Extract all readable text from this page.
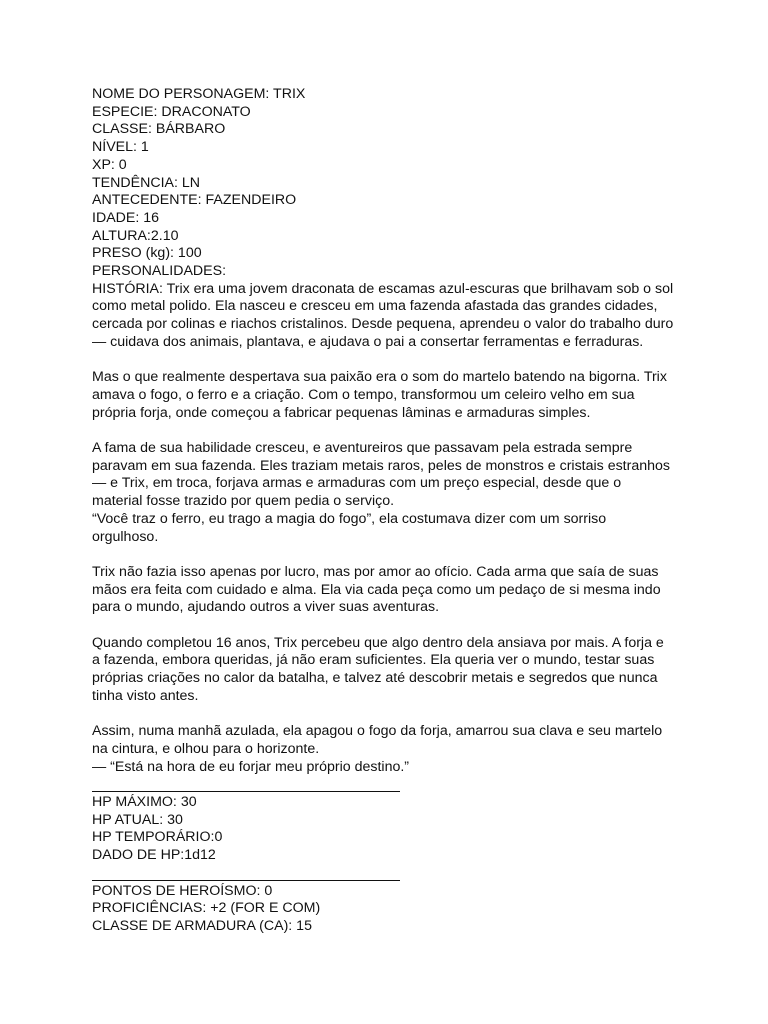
NOME DO PERSONAGEM: TRIX
ESPECIE: DRACONATO
CLASSE: BÁRBARO
NÍVEL: 1
XP: 0
TENDÊNCIA: LN
ANTECEDENTE: FAZENDEIRO
IDADE: 16
ALTURA:2.10
PRESO (kg): 100
PERSONALIDADES:
HISTÓRIA: Trix era uma jovem draconata de escamas azul-escuras que brilhavam sob o sol
como metal polido. Ela nasceu e cresceu em uma fazenda afastada das grandes cidades,
cercada por colinas e riachos cristalinos. Desde pequena, aprendeu o valor do trabalho duro
— cuidava dos animais, plantava, e ajudava o pai a consertar ferramentas e ferraduras.
Mas o que realmente despertava sua paixão era o som do martelo batendo na bigorna. Trix
amava o fogo, o ferro e a criação. Com o tempo, transformou um celeiro velho em sua
própria forja, onde começou a fabricar pequenas lâminas e armaduras simples.
A fama de sua habilidade cresceu, e aventureiros que passavam pela estrada sempre
paravam em sua fazenda. Eles traziam metais raros, peles de monstros e cristais estranhos
— e Trix, em troca, forjava armas e armaduras com um preço especial, desde que o
material fosse trazido por quem pedia o serviço.
“Você traz o ferro, eu trago a magia do fogo”, ela costumava dizer com um sorriso
orgulhoso.
Trix não fazia isso apenas por lucro, mas por amor ao ofício. Cada arma que saía de suas
mãos era feita com cuidado e alma. Ela via cada peça como um pedaço de si mesma indo
para o mundo, ajudando outros a viver suas aventuras.
Quando completou 16 anos, Trix percebeu que algo dentro dela ansiava por mais. A forja e
a fazenda, embora queridas, já não eram suficientes. Ela queria ver o mundo, testar suas
próprias criações no calor da batalha, e talvez até descobrir metais e segredos que nunca
tinha visto antes.
Assim, numa manhã azulada, ela apagou o fogo da forja, amarrou sua clava e seu martelo
na cintura, e olhou para o horizonte.
— “Está na hora de eu forjar meu próprio destino.”
HP MÁXIMO: 30
HP ATUAL: 30
HP TEMPORÁRIO:0
DADO DE HP:1d12
PONTOS DE HEROÍSMO: 0
PROFICIÊNCIAS: +2 (FOR E COM)
CLASSE DE ARMADURA (CA): 15
